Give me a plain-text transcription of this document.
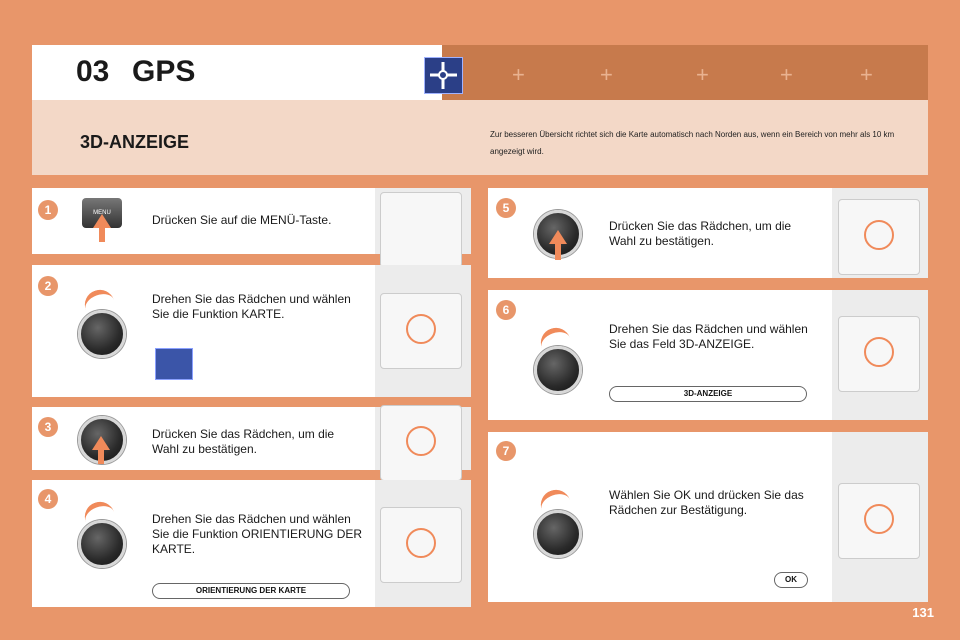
03 GPS	+	+	+	+	+
3D-ANZEIGE	Zur besseren Übersicht richtet sich die Karte automatisch nach Norden aus, wenn ein Bereich von mehr als 10 km angezeigt wird.
1	MENU	Drücken Sie auf die MENÜ-Taste.
2
Drehen Sie das Rädchen und wählen Sie die Funktion KARTE.
3	Drücken Sie das Rädchen, um die Wahl zu bestätigen.
4
Drehen Sie das Rädchen und wählen Sie die Funktion ORIENTIERUNG DER KARTE.
ORIENTIERUNG DER KARTE
5
Drücken Sie das Rädchen, um die Wahl zu bestätigen.
6
Drehen Sie das Rädchen und wählen Sie das Feld 3D-ANZEIGE.
3D-ANZEIGE
7
Wählen Sie OK und drücken Sie das Rädchen zur Bestätigung.
OK
131
